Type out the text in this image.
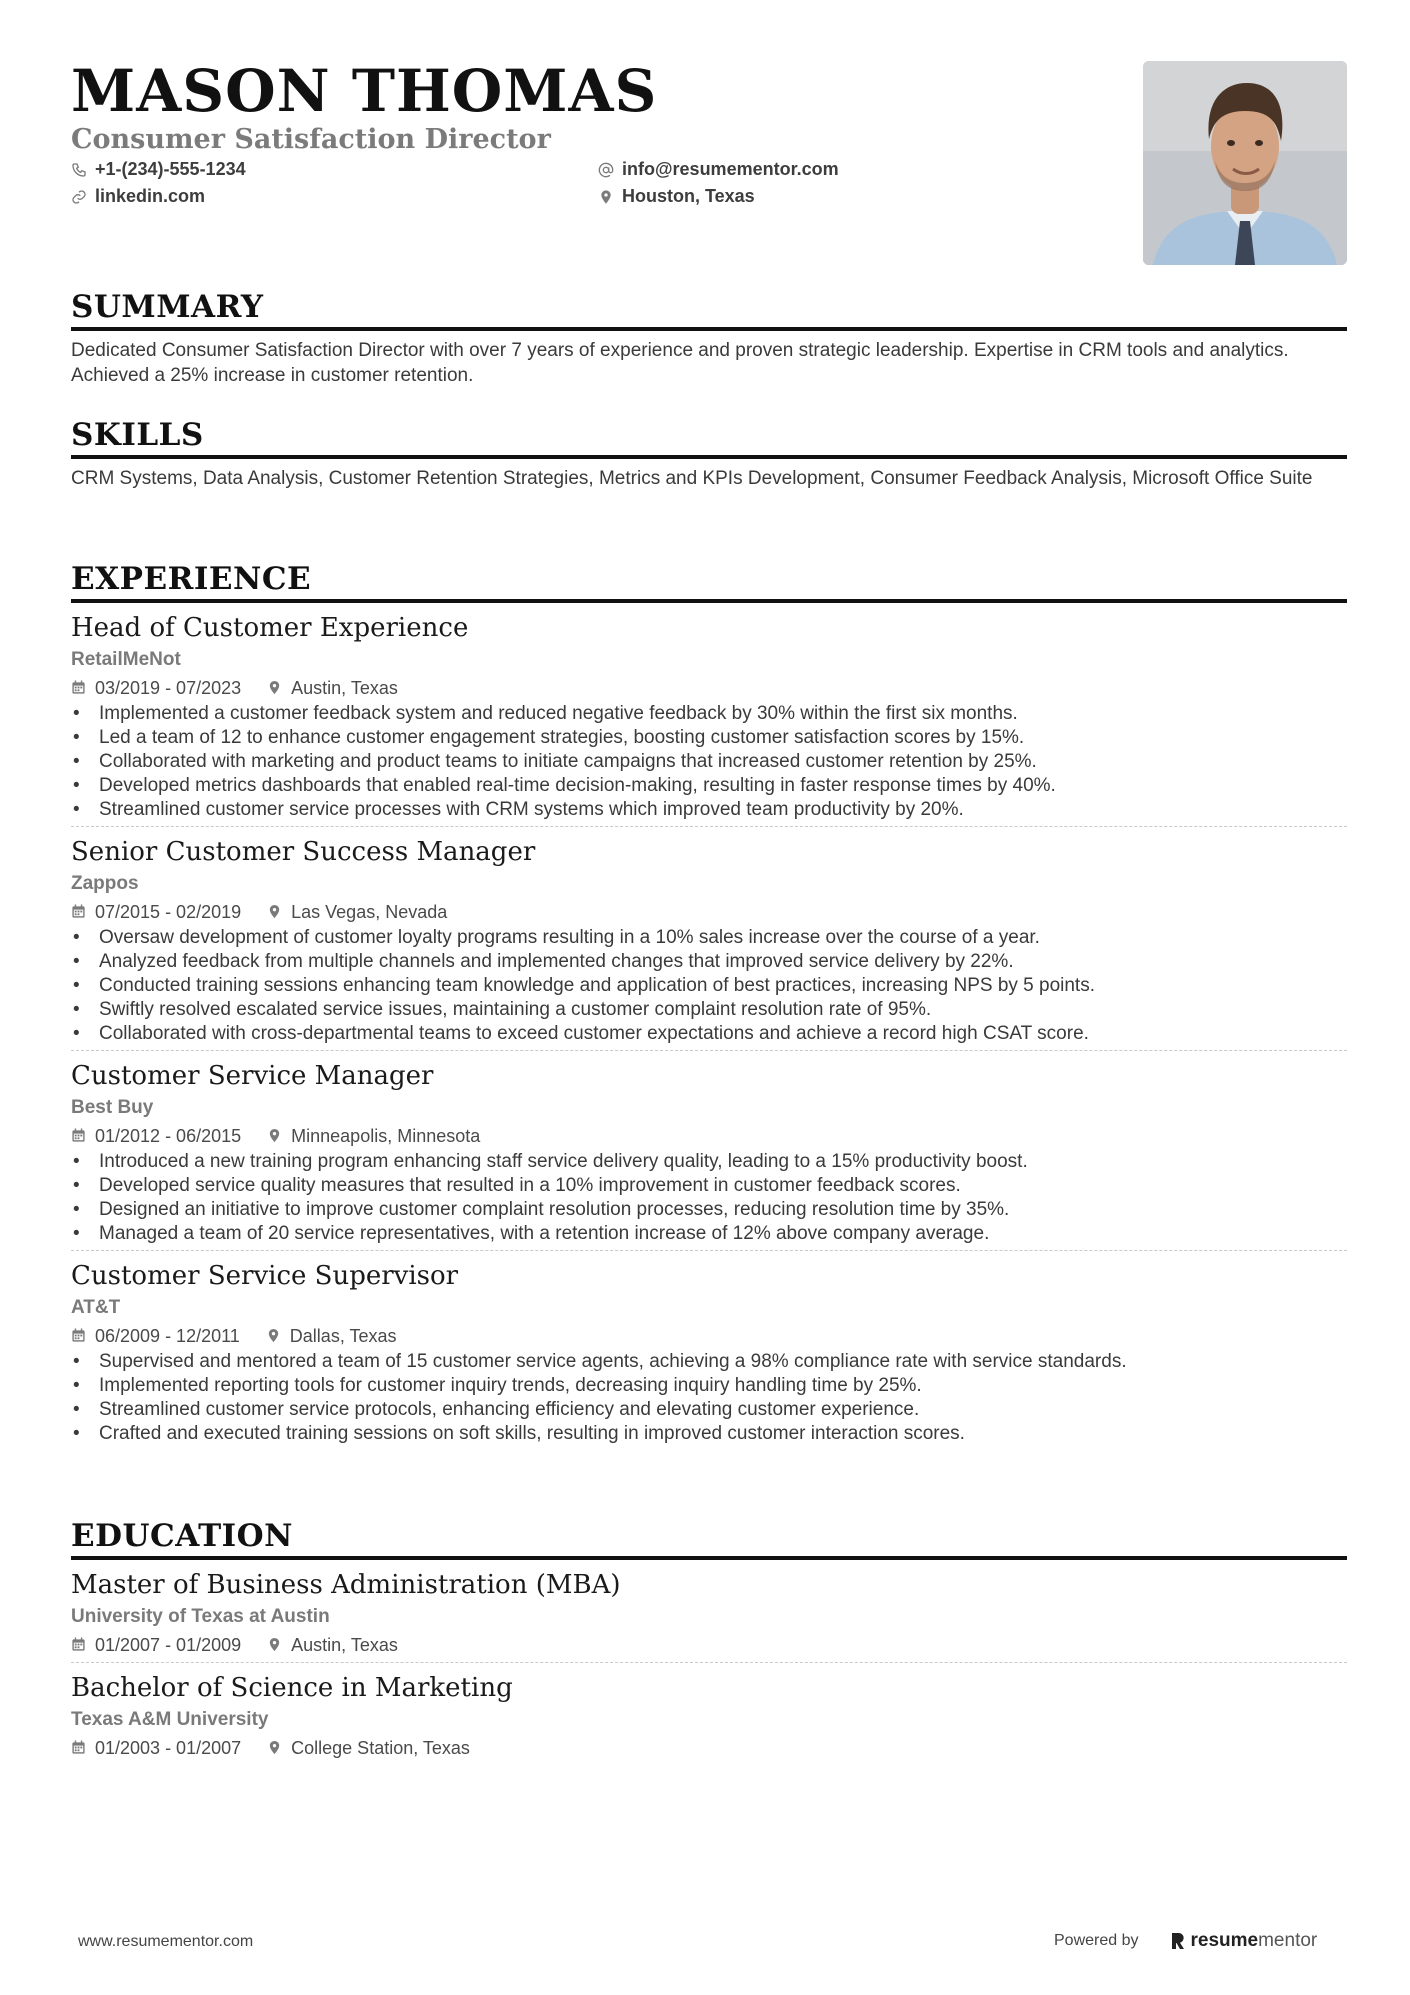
MASON THOMAS
Consumer Satisfaction Director
+1-(234)-555-1234
linkedin.com
info@resumementor.com
Houston, Texas
SUMMARY

Dedicated Consumer Satisfaction Director with over 7 years of experience and proven strategic leadership. Expertise in CRM tools and analytics. Achieved a 25% increase in customer retention.

SKILLS

CRM Systems, Data Analysis, Customer Retention Strategies, Metrics and KPIs Development, Consumer Feedback Analysis, Microsoft Office Suite

EXPERIENCE
Head of Customer Experience
RetailMeNot
03/2019 - 07/2023	Austin, Texas
• Implemented a customer feedback system and reduced negative feedback by 30% within the first six months.
• Led a team of 12 to enhance customer engagement strategies, boosting customer satisfaction scores by 15%.
• Collaborated with marketing and product teams to initiate campaigns that increased customer retention by 25%.
• Developed metrics dashboards that enabled real-time decision-making, resulting in faster response times by 40%.
• Streamlined customer service processes with CRM systems which improved team productivity by 20%.
Senior Customer Success Manager
Zappos
07/2015 - 02/2019	Las Vegas, Nevada
• Oversaw development of customer loyalty programs resulting in a 10% sales increase over the course of a year.
• Analyzed feedback from multiple channels and implemented changes that improved service delivery by 22%.
• Conducted training sessions enhancing team knowledge and application of best practices, increasing NPS by 5 points.
• Swiftly resolved escalated service issues, maintaining a customer complaint resolution rate of 95%.
• Collaborated with cross-departmental teams to exceed customer expectations and achieve a record high CSAT score.
Customer Service Manager
Best Buy
01/2012 - 06/2015	Minneapolis, Minnesota
• Introduced a new training program enhancing staff service delivery quality, leading to a 15% productivity boost.
• Developed service quality measures that resulted in a 10% improvement in customer feedback scores.
• Designed an initiative to improve customer complaint resolution processes, reducing resolution time by 35%.
• Managed a team of 20 service representatives, with a retention increase of 12% above company average.
Customer Service Supervisor
AT&T
06/2009 - 12/2011	Dallas, Texas
• Supervised and mentored a team of 15 customer service agents, achieving a 98% compliance rate with service standards.
• Implemented reporting tools for customer inquiry trends, decreasing inquiry handling time by 25%.
• Streamlined customer service protocols, enhancing efficiency and elevating customer experience.
• Crafted and executed training sessions on soft skills, resulting in improved customer interaction scores.
EDUCATION
Master of Business Administration (MBA)
University of Texas at Austin
01/2007 - 01/2009	Austin, Texas
Bachelor of Science in Marketing
Texas A&M University
01/2003 - 01/2007	College Station, Texas
www.resumementor.com	Powered by	resume mentor
